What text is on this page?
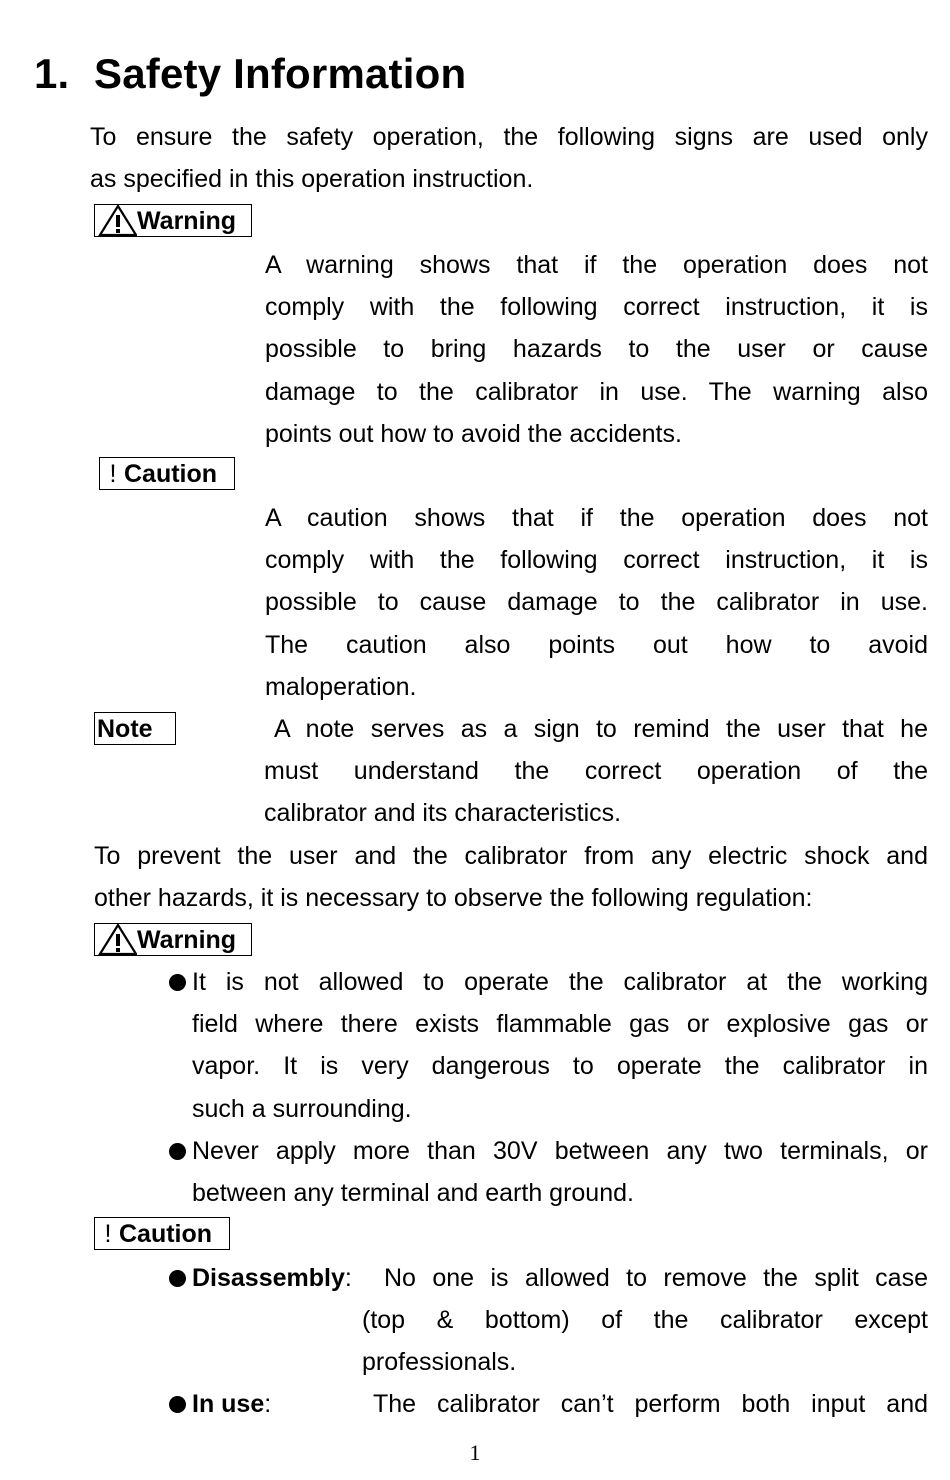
1. Safety Information
To ensure the safety operation, the following signs are used only
as specified in this operation instruction.
Warning
A warning shows that if the operation does not
comply with the following correct instruction, it is
possible to bring hazards to the user or cause
damage to the calibrator in use. The warning also
points out how to avoid the accidents.
! Caution
A caution shows that if the operation does not
comply with the following correct instruction, it is
possible to cause damage to the calibrator in use.
The caution also points out how to avoid
maloperation.
Note	A note serves as a sign to remind the user that he
must understand the correct operation of the
calibrator and its characteristics.
To prevent the user and the calibrator from any electric shock and
other hazards, it is necessary to observe the following regulation:
Warning
It is not allowed to operate the calibrator at the working
field where there exists flammable gas or explosive gas or
vapor. It is very dangerous to operate the calibrator in
such a surrounding.
Never apply more than 30V between any two terminals, or
between any terminal and earth ground.
! Caution
Disassembly:	No one is allowed to remove the split case
(top & bottom) of the calibrator except
professionals.
In use:	The calibrator can’t perform both input and
1
